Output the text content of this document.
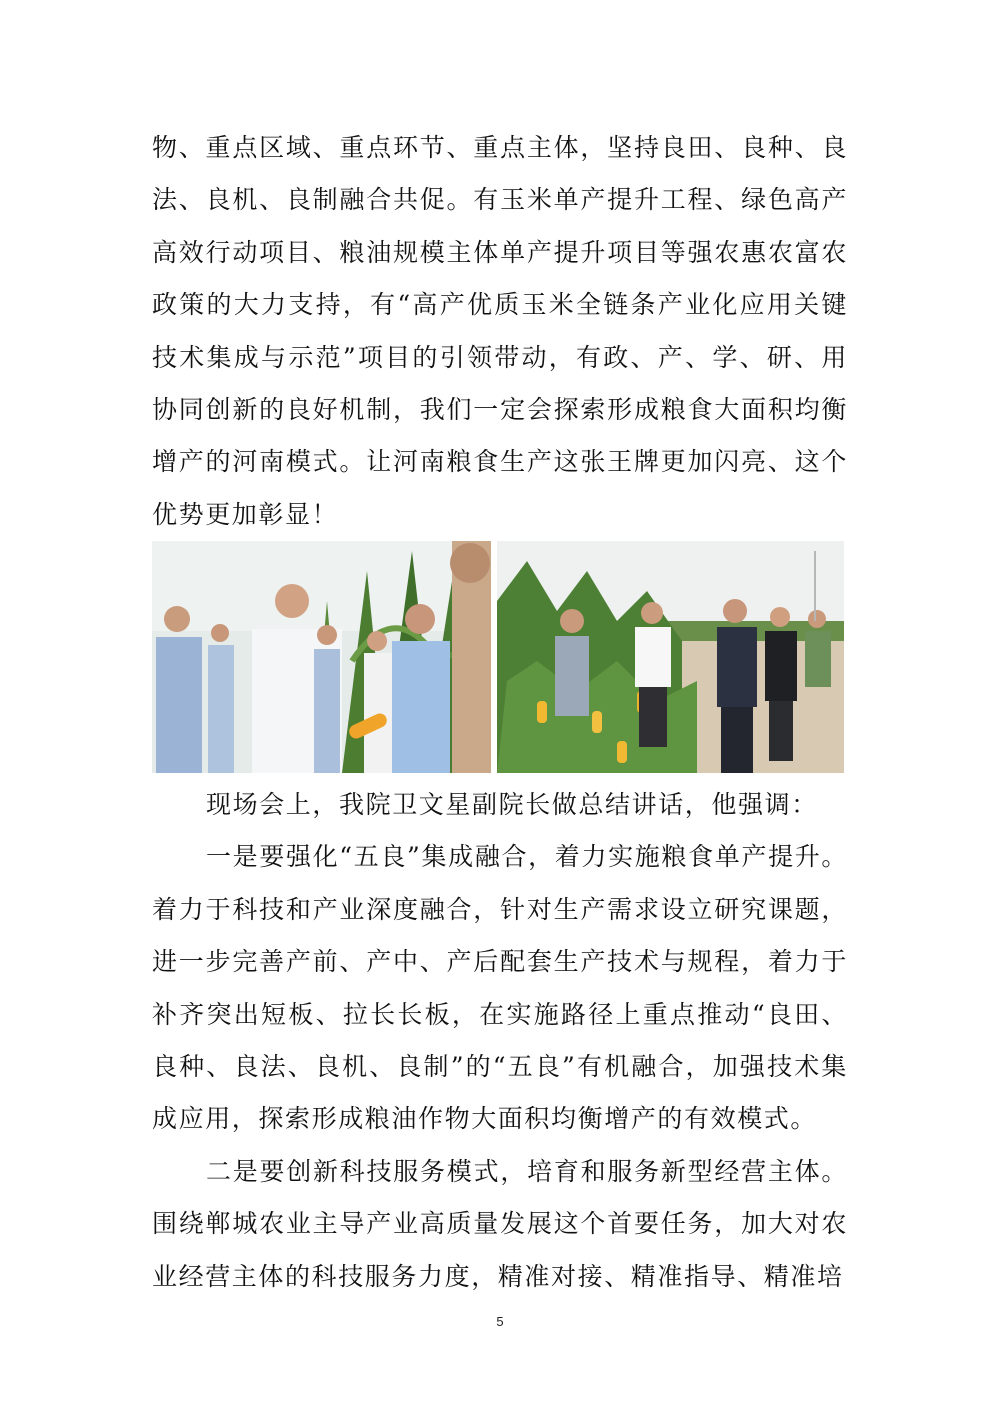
物、重点区域、重点环节、重点主体，坚持良田、良种、良法、良机、良制融合共促。有玉米单产提升工程、绿色高产高效行动项目、粮油规模主体单产提升项目等强农惠农富农政策的大力支持，有“高产优质玉米全链条产业化应用关键技术集成与示范”项目的引领带动，有政、产、学、研、用协同创新的良好机制，我们一定会探索形成粮食大面积均衡增产的河南模式。让河南粮食生产这张王牌更加闪亮、这个优势更加彰显！

现场会上，我院卫文星副院长做总结讲话，他强调：

一是要强化“五良”集成融合，着力实施粮食单产提升。着力于科技和产业深度融合，针对生产需求设立研究课题，进一步完善产前、产中、产后配套生产技术与规程，着力于补齐突出短板、拉长长板，在实施路径上重点推动“良田、良种、良法、良机、良制”的“五良”有机融合，加强技术集成应用，探索形成粮油作物大面积均衡增产的有效模式。

二是要创新科技服务模式，培育和服务新型经营主体。围绕郸城农业主导产业高质量发展这个首要任务，加大对农业经营主体的科技服务力度，精准对接、精准指导、精准培

5
